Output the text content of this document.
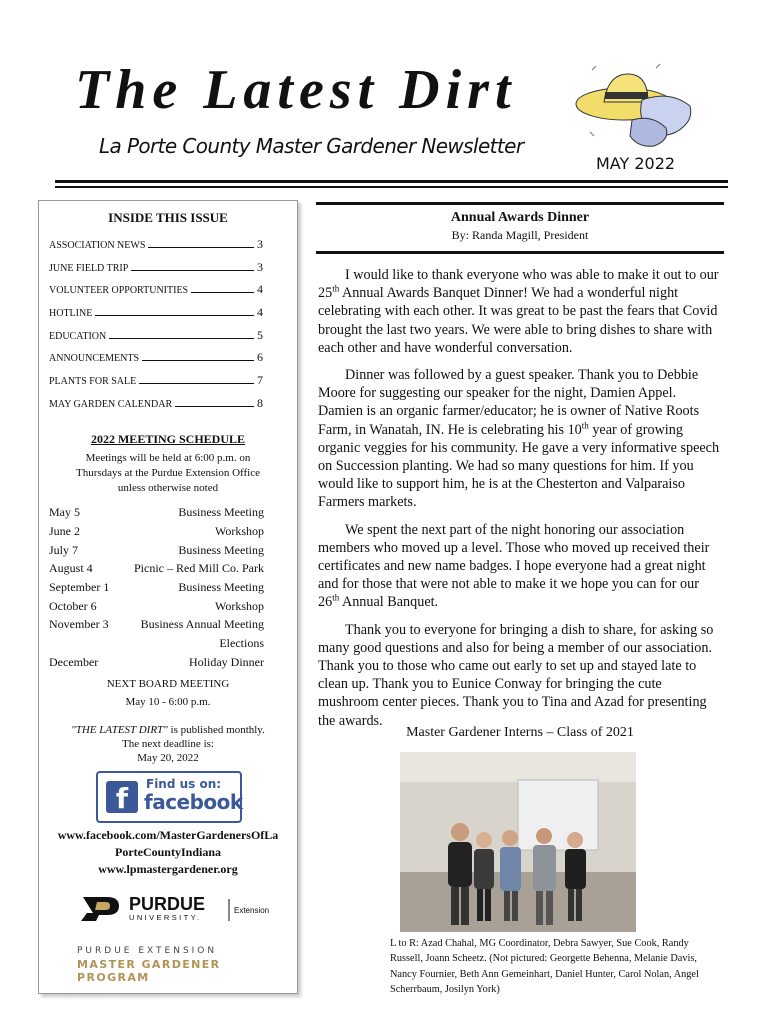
The Latest Dirt
La Porte County Master Gardener Newsletter
MAY 2022
INSIDE THIS ISSUE
ASSOCIATION NEWS	3
JUNE FIELD TRIP	3
VOLUNTEER OPPORTUNITIES	4
HOTLINE	4
EDUCATION	5
ANNOUNCEMENTS	6
PLANTS FOR SALE	7
MAY GARDEN CALENDAR	8
2022 MEETING SCHEDULE
Meetings will be held at 6:00 p.m. on Thursdays at the Purdue Extension Office unless otherwise noted
May 5	Business Meeting
June 2	Workshop
July 7	Business Meeting
August 4	Picnic – Red Mill Co. Park
September 1	Business Meeting
October 6	Workshop
November 3	Business Annual Meeting
Elections
December	Holiday Dinner
NEXT BOARD MEETING
May 10 - 6:00 p.m.
"THE LATEST DIRT" is published monthly.
The next deadline is:
May 20, 2022
f	Find us on:
facebook
www.facebook.com/MasterGardenersOfLa
PorteCountyIndiana
www.lpmastergardener.org
PURDUE
UNIVERSITY.
Extension
PURDUE EXTENSION
MASTER GARDENER PROGRAM
Annual Awards Dinner
By: Randa Magill, President

I would like to thank everyone who was able to make it out to our 25th Annual Awards Banquet Dinner! We had a wonderful night celebrating with each other. It was great to be past the fears that Covid brought the last two years. We were able to bring dishes to share with each other and have wonderful conversation.

Dinner was followed by a guest speaker. Thank you to Debbie Moore for suggesting our speaker for the night, Damien Appel. Damien is an organic farmer/educator; he is owner of Native Roots Farm, in Wanatah, IN. He is celebrating his 10th year of growing organic veggies for his community. He gave a very informative speech on Succession planting. We had so many questions for him. If you would like to support him, he is at the Chesterton and Valparaiso Farmers markets.

We spent the next part of the night honoring our association members who moved up a level. Those who moved up received their certificates and new name badges. I hope everyone had a great night and for those that were not able to make it we hope you can for our 26th Annual Banquet.

Thank you to everyone for bringing a dish to share, for asking so many good questions and also for being a member of our association. Thank you to those who came out early to set up and stayed late to clean up. Thank you to Eunice Conway for bringing the cute mushroom center pieces. Thank you to Tina and Azad for presenting the awards.

Master Gardener Interns – Class of 2021
L to R: Azad Chahal, MG Coordinator, Debra Sawyer, Sue Cook, Randy Russell, Joann Scheetz. (Not pictured: Georgette Behenna, Melanie Davis, Nancy Fournier, Beth Ann Gemeinhart, Daniel Hunter, Carol Nolan, Angel Scherrbaum, Josilyn York)
